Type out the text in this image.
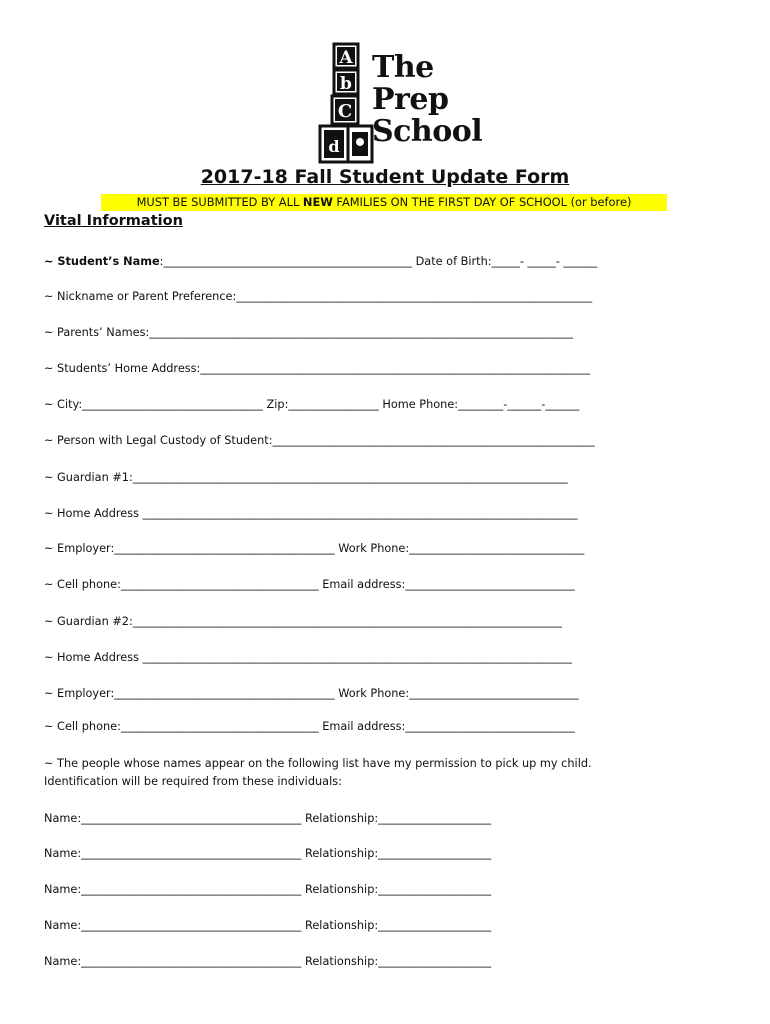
A
b
C
d
The
Prep
School
2017-18 Fall Student Update Form
MUST BE SUBMITTED BY ALL NEW FAMILIES ON THE FIRST DAY OF SCHOOL (or before)
Vital Information
~ Student’s Name:____________________________________________ Date of Birth:_____- _____- ______
~ Nickname or Parent Preference:_______________________________________________________________
~ Parents’ Names:___________________________________________________________________________
~ Students’ Home Address:_____________________________________________________________________
~ City:________________________________ Zip:________________ Home Phone:________-______-______
~ Person with Legal Custody of Student:_________________________________________________________
~ Guardian #1:_____________________________________________________________________________
~ Home Address _____________________________________________________________________________
~ Employer:_______________________________________ Work Phone:_______________________________
~ Cell phone:___________________________________ Email address:______________________________
~ Guardian #2:____________________________________________________________________________
~ Home Address ____________________________________________________________________________
~ Employer:_______________________________________ Work Phone:______________________________
~ Cell phone:___________________________________ Email address:______________________________
~ The people whose names appear on the following list have my permission to pick up my child.
Identification will be required from these individuals:
Name:_______________________________________ Relationship:____________________
Name:_______________________________________ Relationship:____________________
Name:_______________________________________ Relationship:____________________
Name:_______________________________________ Relationship:____________________
Name:_______________________________________ Relationship:____________________
